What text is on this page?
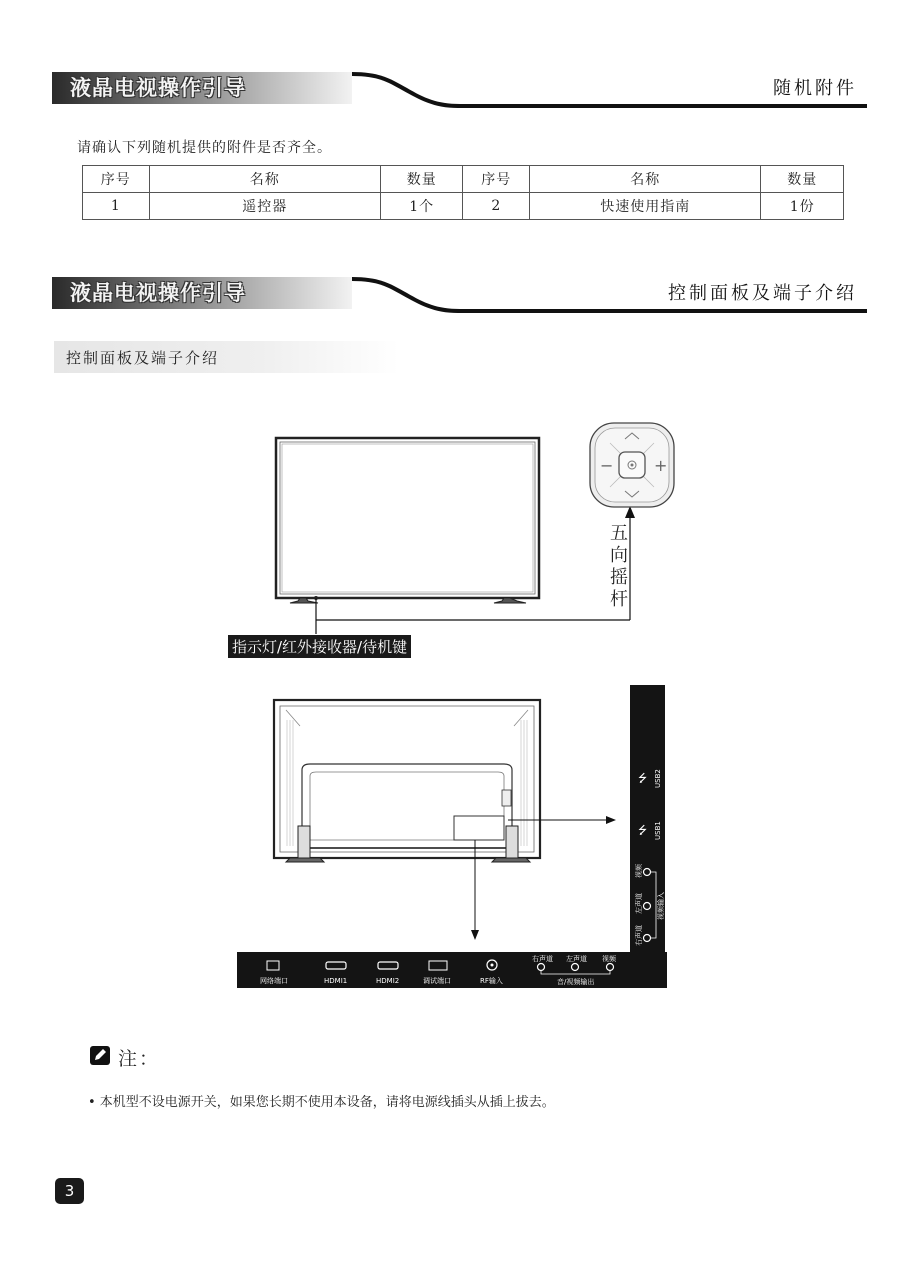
液晶电视操作引导	随机附件
请确认下列随机提供的附件是否齐全。
序号	名称	数量	序号	名称	数量
1	遥控器	1个	2	快速使用指南	1份
液晶电视操作引导	控制面板及端子介绍
控制面板及端子介绍
−	+
五
向
摇
杆
指示灯/红外接收器/待机键
⭍ USB2
⭍ USB1
视频
左声道
右声道
视频输入
网络端口	HDMI1	HDMI2	调试端口	RF输入
右声道 左声道 视频
音/视频输出
注：
• 本机型不设电源开关，如果您长期不使用本设备，请将电源线插头从插上拔去。
3
